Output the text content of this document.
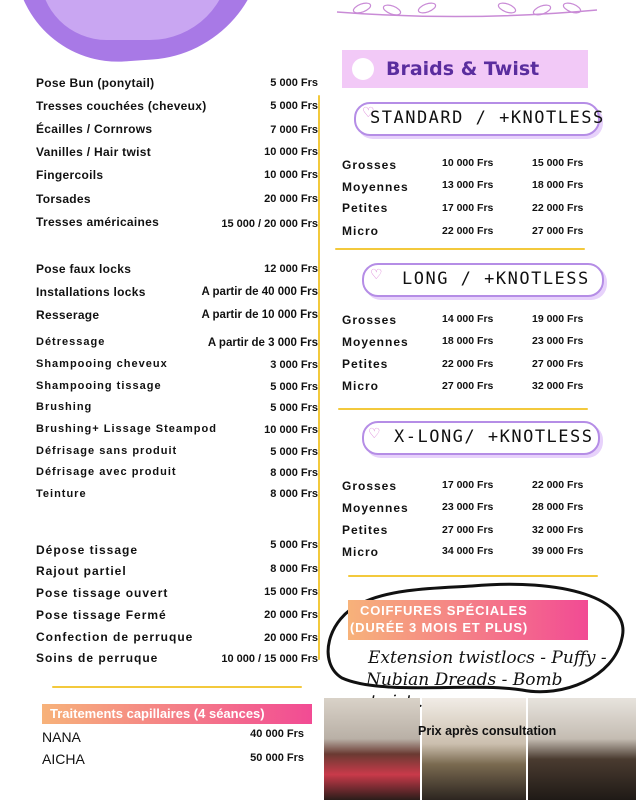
Pose Bun (ponytail)	5 000 Frs
Tresses couchées (cheveux)	5 000 Frs
Écailles / Cornrows	7 000 Frs
Vanilles / Hair twist	10 000 Frs
Fingercoils	10 000 Frs
Torsades	20 000 Frs
Tresses américaines	15 000 / 20 000 Frs
Pose faux locks	12 000 Frs
Installations locks	A partir de 40 000 Frs
Resserage	A partir de 10 000 Frs
Détressage	A partir de 3 000 Frs
Shampooing cheveux	3 000 Frs
Shampooing tissage	5 000 Frs
Brushing	5 000 Frs
Brushing+ Lissage Steampod	10 000 Frs
Défrisage sans produit	5 000 Frs
Défrisage avec produit	8 000 Frs
Teinture	8 000 Frs
Dépose tissage	5 000 Frs
Rajout partiel	8 000 Frs
Pose tissage ouvert	15 000 Frs
Pose tissage Fermé	20 000 Frs
Confection de perruque	20 000 Frs
Soins de perruque	10 000 / 15 000 Frs
Traitements capillaires (4 séances)
NANA	40 000 Frs
AICHA	50 000 Frs
Braids & Twist
♡
STANDARD / +KNOTLESS
Grosses	10 000 Frs	15 000 Frs
Moyennes	13 000 Frs	18 000 Frs
Petites	17 000 Frs	22 000 Frs
Micro	22 000 Frs	27 000 Frs
♡ LONG / +KNOTLESS
Grosses	14 000 Frs	19 000 Frs
Moyennes	18 000 Frs	23 000 Frs
Petites	22 000 Frs	27 000 Frs
Micro	27 000 Frs	32 000 Frs
♡ X-LONG/ +KNOTLESS
Grosses	17 000 Frs	22 000 Frs
Moyennes	23 000 Frs	28 000 Frs
Petites	27 000 Frs	32 000 Frs
Micro	34 000 Frs	39 000 Frs
COIFFURES SPÉCIALES
(DURÉE 3 MOIS ET PLUS)
Extension twistlocs - Puffy -
Nubian Dreads - Bomb
Prix après consultation
